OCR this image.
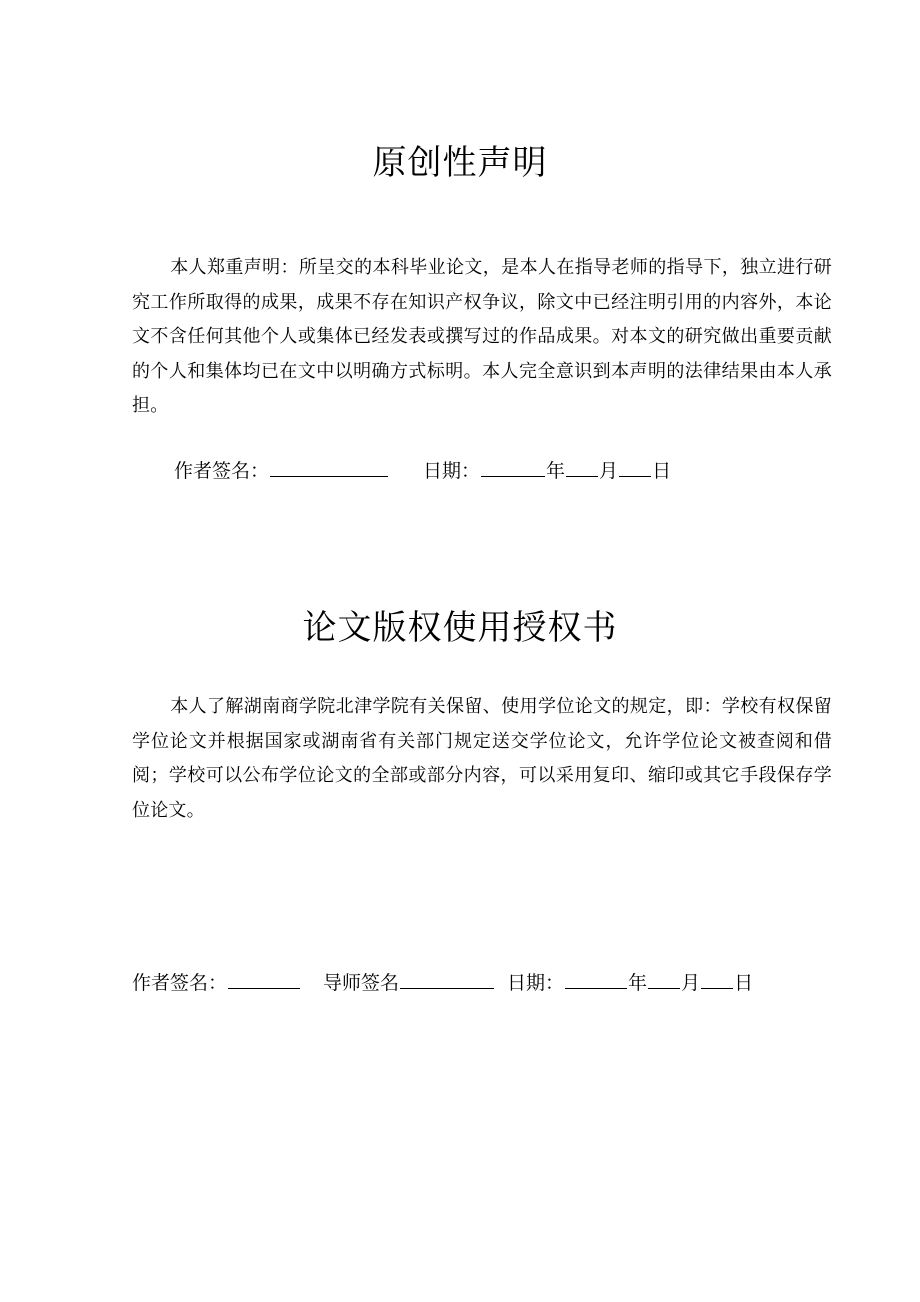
原创性声明
本人郑重声明：所呈交的本科毕业论文，是本人在指导老师的指导下，独立进行研究工作所取得的成果，成果不存在知识产权争议，除文中已经注明引用的内容外，本论文不含任何其他个人或集体已经发表或撰写过的作品成果。对本文的研究做出重要贡献的个人和集体均已在文中以明确方式标明。本人完全意识到本声明的法律结果由本人承担。
作者签名：	日期：	年 月 日
论文版权使用授权书
本人了解湖南商学院北津学院有关保留、使用学位论文的规定，即：学校有权保留学位论文并根据国家或湖南省有关部门规定送交学位论文，允许学位论文被查阅和借阅；学校可以公布学位论文的全部或部分内容，可以采用复印、缩印或其它手段保存学位论文。
作者签名：	导师签名	日期：	年 月 日
